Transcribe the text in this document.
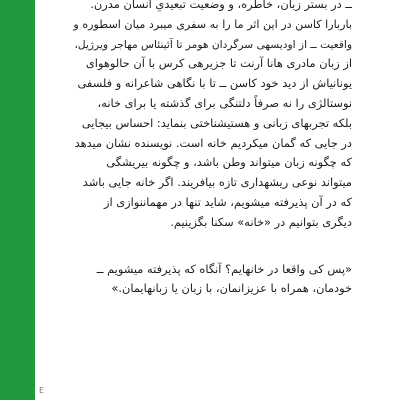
E
ــ در بستر زبان، خاطره، و وضعیت تبعیدیِ انسان مدرن.
باربارا کاسن در این اثر ما را به سفری میبرد میان اسطوره و
واقعیت ــ از اودیسهی سرگردان هومر تا آئینئاس مهاجر ویرژیل،
از زبان مادری هانا آرنت تا جزیرهی کرس با آن حالوهوای
یونانیاش از دید خود کاسن ــ تا با نگاهی شاعرانه و فلسفی
نوستالژی را نه صرفاً دلتنگی برای گذشته یا برای خانه،
بلکه تجربهای زبانی و هستیشناختی بنماید: احساس بیجایی
در جایی که گمان میکردیم خانه است. نویسنده نشان میدهد
که چگونه زبان میتواند وطن باشد، و چگونه بیریشگی
میتواند نوعی ریشهداری تازه بیافریند. اگر خانه جایی باشد
که در آن پذیرفته میشویم، شاید تنها در مهماننوازی از
دیگری بتوانیم در «خانه» سکنا بگزینیم.
«پس کی واقعا در خانهایم؟ آنگاه که پذیرفته میشویم ــ
خودمان، همراه با عزیزانمان، با زبان یا زبانهایمان.»
